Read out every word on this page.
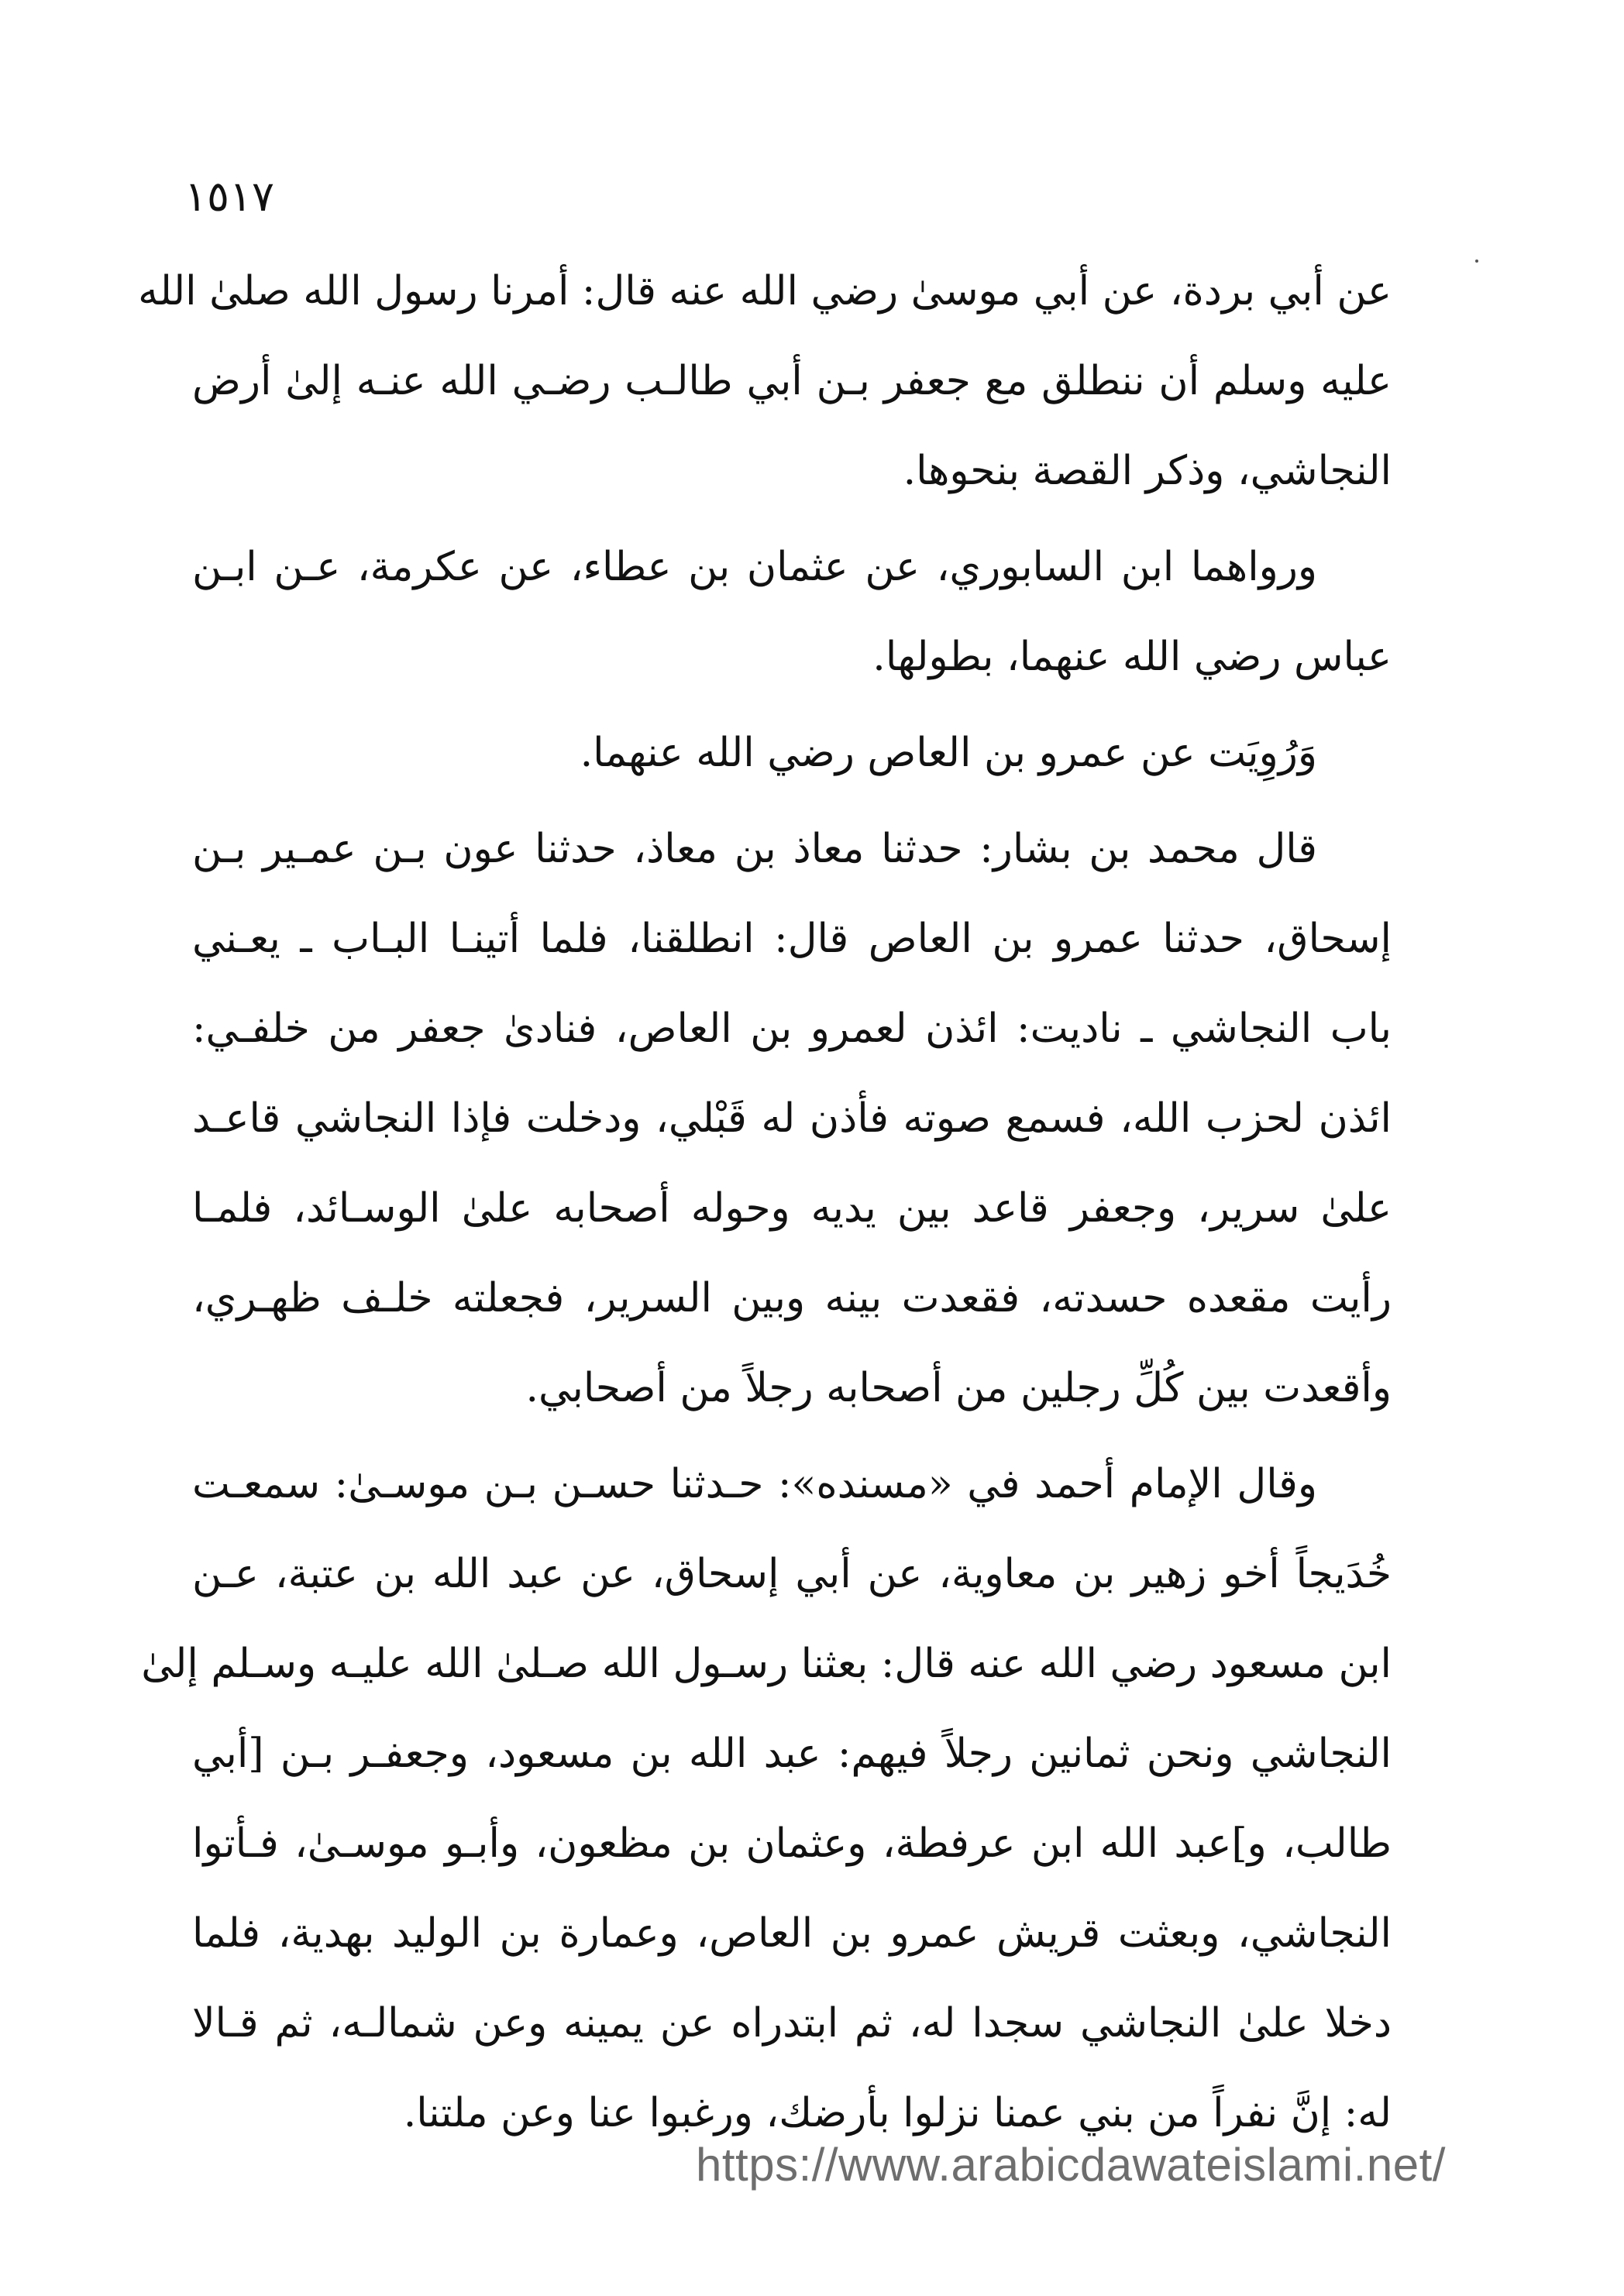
١٥١٧

عن أبي بردة، عن أبي موسىٰ رضي الله عنه قال: أمرنا رسول الله صلىٰ الله
عليه وسلم أن ننطلق مع جعفر بـن أبي طالـب رضـي الله عنـه إلىٰ أرض
النجاشي، وذكر القصة بنحوها.

ورواهما ابن السابوري، عن عثمان بن عطاء، عن عكرمة، عـن ابـن
عباس رضي الله عنهما، بطولها.

وَرُوِيَت عن عمرو بن العاص رضي الله عنهما.

قال محمد بن بشار: حدثنا معاذ بن معاذ، حدثنا عون بـن عمـير بـن
إسحاق، حدثنا عمرو بن العاص قال: انطلقنا، فلما أتينـا البـاب ـ يعـني
باب النجاشي ـ ناديت: ائذن لعمرو بن العاص، فنادىٰ جعفر من خلفـي:
ائذن لحزب الله، فسمع صوته فأذن له قَبْلي، ودخلت فإذا النجاشي قاعـد
علىٰ سرير، وجعفر قاعد بين يديه وحوله أصحابه علىٰ الوسـائد، فلمـا
رأيت مقعده حسدته، فقعدت بينه وبين السرير، فجعلته خلـف ظهـري،
وأقعدت بين كُلِّ رجلين من أصحابه رجلاً من أصحابي.

وقال الإمام أحمد في «مسنده»: حـدثنا حسـن بـن موسـىٰ: سمعـت
خُدَيجاً أخو زهير بن معاوية، عن أبي إسحاق، عن عبد الله بن عتبة، عـن
ابن مسعود رضي الله عنه قال: بعثنا رسـول الله صـلىٰ الله عليـه وسـلم إلىٰ
النجاشي ونحن ثمانين رجلاً فيهم: عبد الله بن مسعود، وجعفـر بـن [أبي
طالب، و]عبد الله ابن عرفطة، وعثمان بن مظعون، وأبـو موسـىٰ، فـأتوا
النجاشي، وبعثت قريش عمرو بن العاص، وعمارة بن الوليد بهدية، فلما
دخلا علىٰ النجاشي سجدا له، ثم ابتدراه عن يمينه وعن شمالـه، ثم قـالا
له: إنَّ نفراً من بني عمنا نزلوا بأرضك، ورغبوا عنا وعن ملتنا.

https://www.arabicdawateislami.net/
